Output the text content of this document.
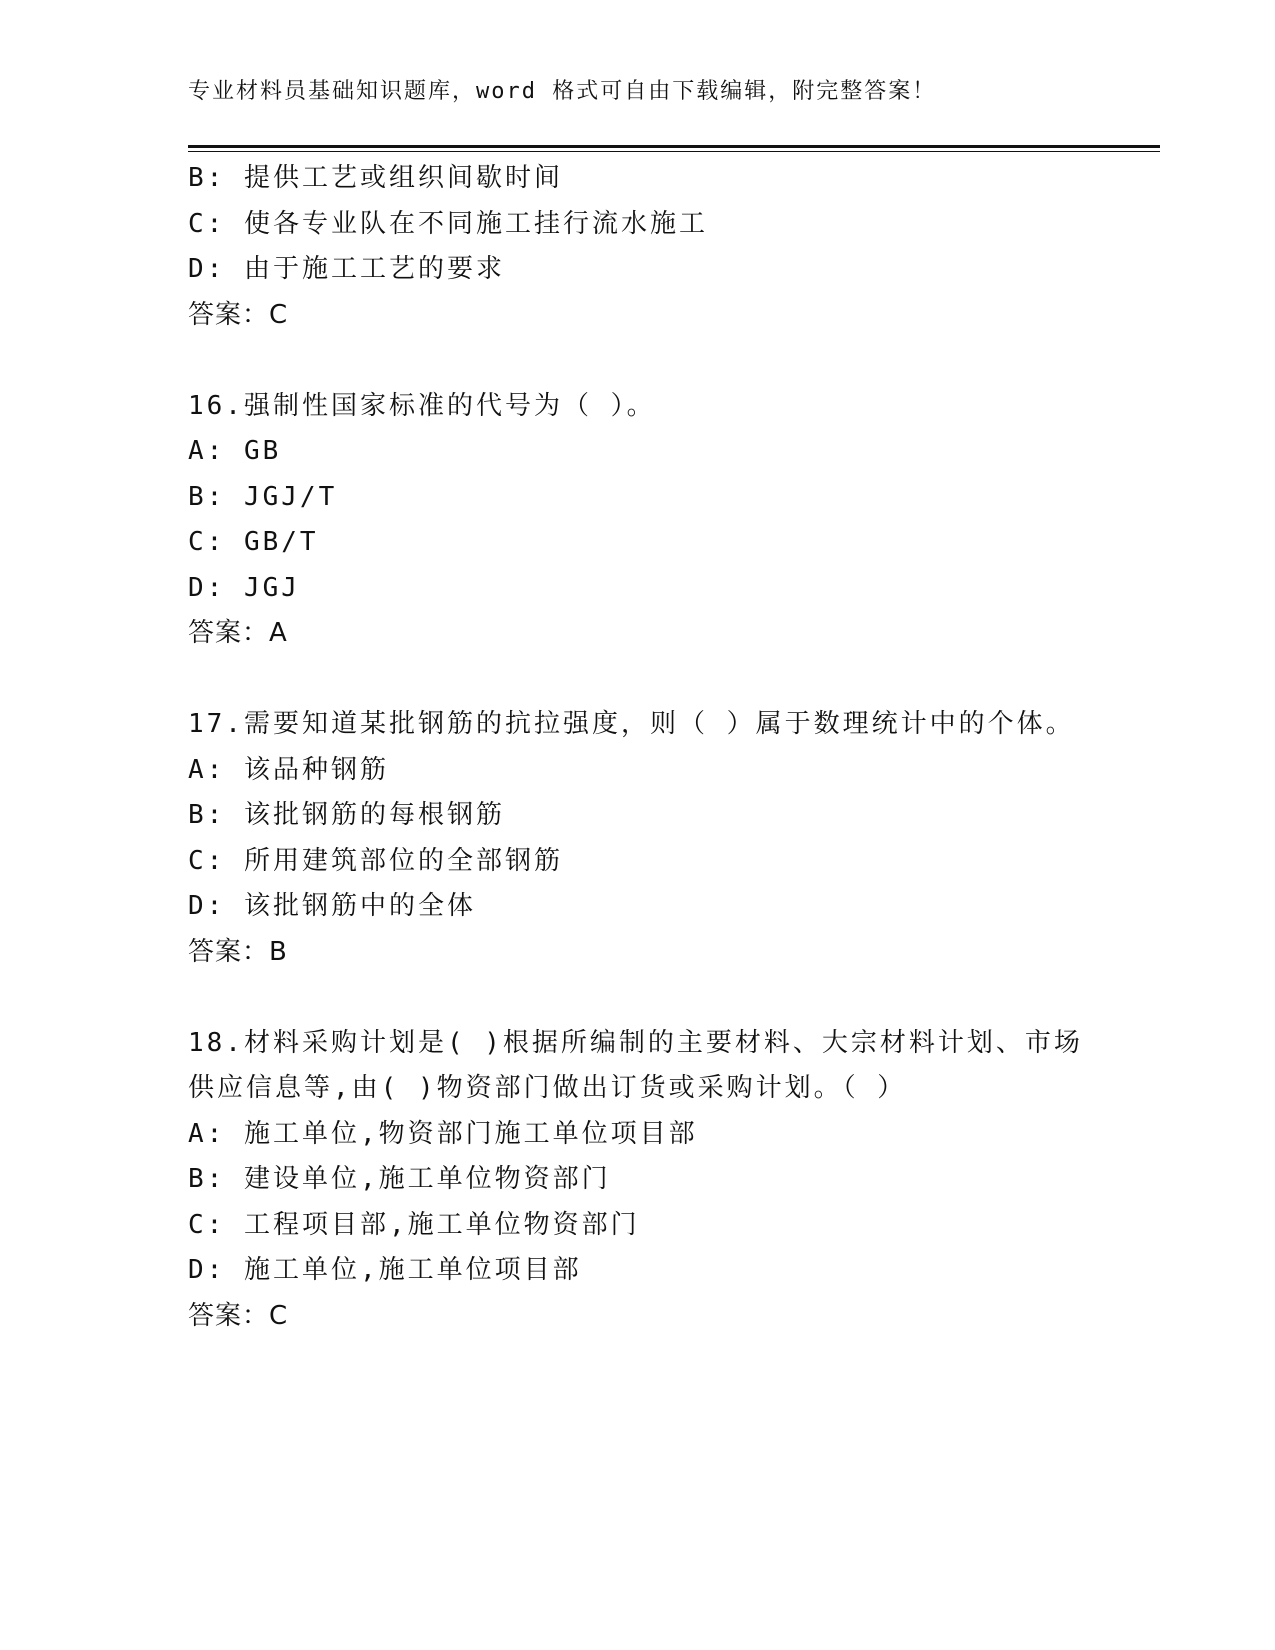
专业材料员基础知识题库，word 格式可自由下载编辑，附完整答案！
B: 提供工艺或组织间歇时间
C: 使各专业队在不同施工挂行流水施工
D: 由于施工工艺的要求
答案：C
16.强制性国家标准的代号为（ ）。
A: GB
B: JGJ/T
C: GB/T
D: JGJ
答案：A
17.需要知道某批钢筋的抗拉强度，则（ ）属于数理统计中的个体。
A: 该品种钢筋
B: 该批钢筋的每根钢筋
C: 所用建筑部位的全部钢筋
D: 该批钢筋中的全体
答案：B
18.材料采购计划是( )根据所编制的主要材料、大宗材料计划、市场
供应信息等,由( )物资部门做出订货或采购计划。（ ）
A: 施工单位,物资部门施工单位项目部
B: 建设单位,施工单位物资部门
C: 工程项目部,施工单位物资部门
D: 施工单位,施工单位项目部
答案：C
